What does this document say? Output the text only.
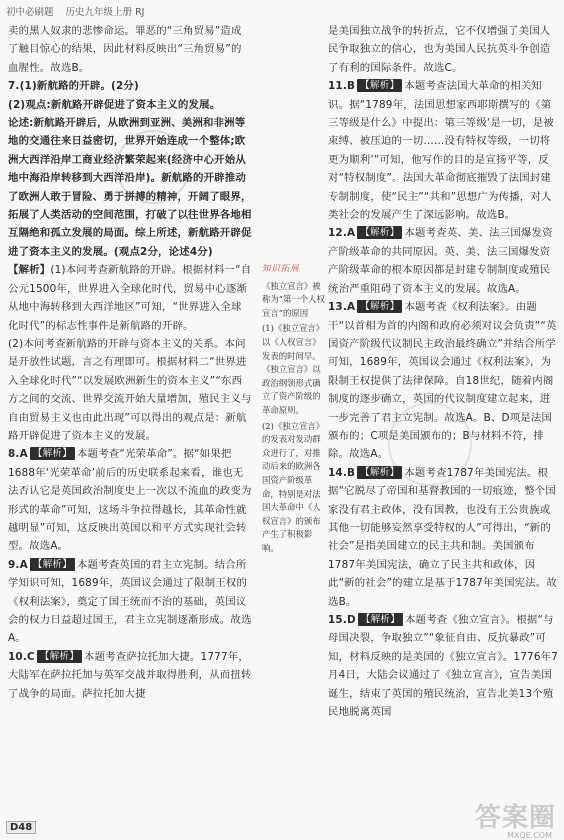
初中必刷题 历史九年级上册 RJ

卖的黑人奴隶的悲惨命运。罪恶的“三角贸易”造成了触目惊心的结果，因此材料反映出“三角贸易”的血腥性。故选B。

7.(1)新航路的开辟。(2分)

(2)观点:新航路开辟促进了资本主义的发展。

论述:新航路开辟后，从欧洲到亚洲、美洲和非洲等地的交通往来日益密切，世界开始连成一个整体;欧洲大西洋沿岸工商业经济繁荣起来(经济中心开始从地中海沿岸转移到大西洋沿岸)。新航路的开辟推动了欧洲人敢于冒险、勇于拼搏的精神，开阔了眼界，拓展了人类活动的空间范围，打破了以往世界各地相互隔绝和孤立发展的局面。综上所述，新航路开辟促进了资本主义的发展。(观点2分，论述4分)

【解析】(1)本问考查新航路的开辟。根据材料一“自公元1500年，世界进入全球化时代，贸易中心逐渐从地中海转移到大西洋地区”可知，“世界进入全球化时代”的标志性事件是新航路的开辟。

(2)本问考查新航路的开辟与资本主义的关系。本问是开放性试题，言之有理即可。根据材料二“世界进入全球化时代”“以发展欧洲新生的资本主义”“东西方之间的交流、世界交流开始大量增加，殖民主义与自由贸易主义也由此出现”可以得出的观点是：新航路开辟促进了资本主义的发展。

8.A 【解析】 本题考查“光荣革命”。据“如果把1688年‘光荣革命’前后的历史联系起来看，谁也无法否认它是英国政治制度史上一次以不流血的政变为形式的革命”可知，这场斗争拉得越长，其革命性就越明显”可知，这反映出英国以和平方式实现社会转型。故选A。

9.A 【解析】 本题考查英国的君主立宪制。结合所学知识可知，1689年，英国议会通过了限制王权的《权利法案》，奠定了国王统而不治的基础，英国议会的权力日益超过国王，君主立宪制逐渐形成。故选A。

10.C 【解析】 本题考查萨拉托加大捷。1777年，大陆军在萨拉托加与英军交战并取得胜利，从而扭转了战争的局面。萨拉托加大捷

知识拓展
《独立宣言》被称为“第一个人权宣言”的原因
(1)《独立宣言》以《人权宣言》发表的时间早。《独立宣言》以政治纲领形式确立了资产阶级的革命原则。
(2)《独立宣言》的发表对发动群众进行了，对推动后来的欧洲各国资产阶级革命，特别是对法国大革命中《人权宣言》的颁布产生了积极影响。

是美国独立战争的转折点，它不仅增强了美国人民争取独立的信心，也为美国人民抗英斗争创造了有利的国际条件。故选C。

11.B 【解析】 本题考查法国大革命的相关知识。据“1789年，法国思想家西耶斯撰写的《第三等级是什么》中提出：第三等级‘是一切，是被束缚、被压迫的一切……没有特权等级，一切将更为顺利’”可知，他写作的目的是宣扬平等，反对“特权制度”。法国大革命彻底摧毁了法国封建专制制度，使“民主”“共和”思想广为传播，对人类社会的发展产生了深远影响。故选B。

12.A 【解析】 本题考查英、美、法三国爆发资产阶级革命的共同原因。英、美、法三国爆发资产阶级革命的根本原因都是封建专制制度或殖民统治严重阻碍了资本主义的发展。故选A。

13.A 【解析】 本题考查《权利法案》。由题干“以首相为首的内阁和政府必须对议会负责”“英国资产阶级代议制民主政治最终确立”并结合所学可知，1689年，英国议会通过《权利法案》，为限制王权提供了法律保障。自18世纪，随着内阁制度的逐步确立，英国的代议制度建立起来，进一步完善了君主立宪制。故选A。B、D项是法国颁布的；C项是美国颁布的；B与材料不符，排除。故选A。

14.B 【解析】 本题考查1787年美国宪法。根据“它脱尽了帝国和基督教国的一切痕迹，整个国家没有君主政体，没有国教，也没有王公贵族或其他一切能够妄然享受特权的人”可得出，“新的社会”是指美国建立的民主共和制。美国颁布1787年美国宪法，确立了民主共和政体，因此“新的社会”的建立是基于1787年美国宪法。故选B。

15.D 【解析】 本题考查《独立宣言》。根据“与母国决裂，争取独立”“象征自由、反抗暴政”可知，材料反映的是美国的《独立宣言》。1776年7月4日，大陆会议通过了《独立宣言》，宣告美国诞生，结束了英国的殖民统治，宣告北美13个殖民地脱离英国

D48	答案圈
MXQE.COM
